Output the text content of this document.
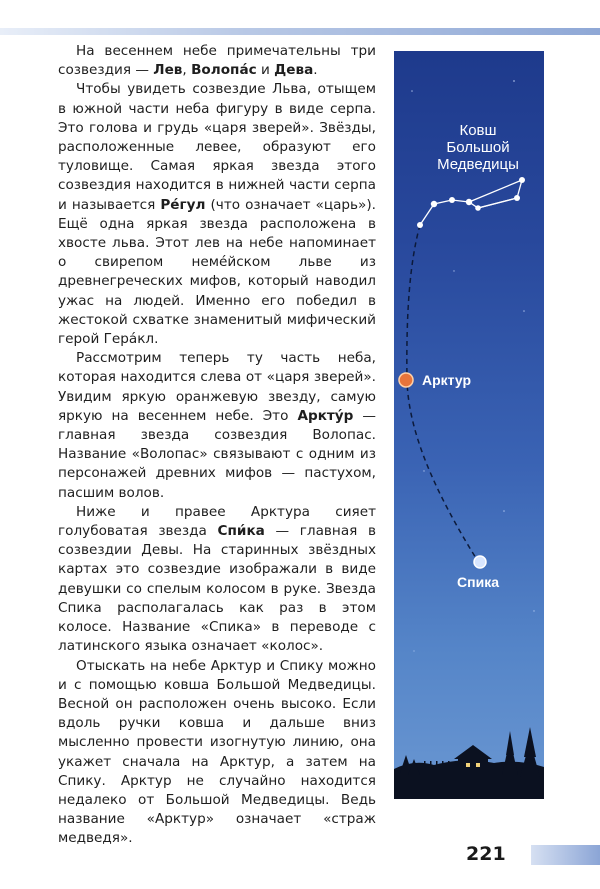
На весеннем небе примечательны три созвездия — Лев, Волопа́с и Дева.

Чтобы увидеть созвездие Льва, отыщем в южной части неба фигуру в виде серпа. Это голова и грудь «царя зверей». Звёзды, расположенные левее, образуют его туловище. Самая яркая звезда этого созвездия находится в нижней части серпа и называется Ре́гул (что означает «царь»). Ещё одна яркая звезда расположена в хвосте льва. Этот лев на небе напоминает о свирепом неме́йском льве из древнегреческих мифов, который наводил ужас на людей. Именно его победил в жестокой схватке знаменитый мифический герой Гера́кл.

Рассмотрим теперь ту часть неба, которая находится слева от «царя зверей». Увидим яркую оранжевую звезду, самую яркую на весеннем небе. Это Аркту́р — главная звезда созвездия Волопас. Название «Волопас» связывают с одним из персонажей древних мифов — пастухом, пасшим волов.

Ниже и правее Арктура сияет голубоватая звезда Спи́ка — главная в созвездии Девы. На старинных звёздных картах это созвездие изображали в виде девушки со спелым колосом в руке. Звезда Спика располагалась как раз в этом колосе. Название «Спика» в переводе с латинского языка означает «колос».

Отыскать на небе Арктур и Спику можно и с помощью ковша Большой Медведицы. Весной он расположен очень высоко. Если вдоль ручки ковша и дальше вниз мысленно провести изогнутую линию, она укажет сначала на Арктур, а затем на Спику. Арктур не случайно находится недалеко от Большой Медведицы. Ведь название «Арктур» означает «страж медведя».

Ковш
Большой
Медведицы
Арктур
Спика
221
